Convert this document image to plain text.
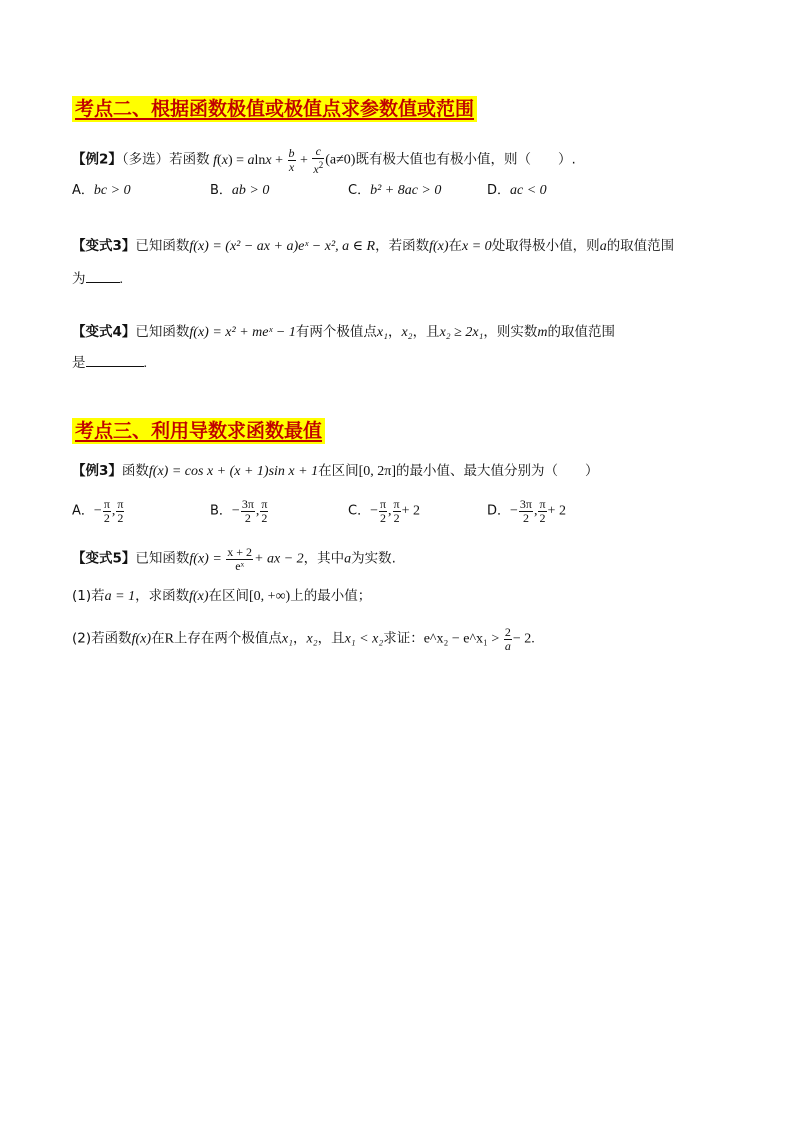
考点二、根据函数极值或极值点求参数值或范围
【例2】（多选）若函数 $f(x) = alnx + \frac{b}{x} + \frac{c}{x^2} (a\ne 0)$既有极大值也有极小值，则（　　）.
A．bc > 0	B．ab > 0	C．b² + 8ac > 0	D．ac < 0
【变式3】已知函数f(x) = (x² − ax + a)eˣ − x², a ∈ R，若函数f(x)在x = 0处取得极小值，则a的取值范围
为 .
【变式4】已知函数f(x) = x² + meˣ − 1有两个极值点x₁，x₂，且x₂ ≥ 2x₁，则实数m的取值范围
是	.
考点三、利用导数求函数最值
【例3】函数f(x) = cos x + (x + 1)sin x + 1在区间[0, 2π]的最小值、最大值分别为（　　）
A．− $\frac{\pi}{2}$ , $\frac{\pi}{2}$	B．− $\frac{3\pi}{2}$ , $\frac{\pi}{2}$	C．− $\frac{\pi}{2}$ , $\frac{\pi}{2} + 2$	D．− $\frac{3\pi}{2}$ , $\frac{\pi}{2} + 2$
【变式5】已知函数$f(x) = \frac{x + 2}{\text{eˣ}}$ + ax − 2，其中a为实数.
(1)若a = 1，求函数f(x)在区间[0, +∞)上的最小值；
(2)若函数f(x)在R上存在两个极值点x₁，x₂，且x₁ < x₂求证：e^x₂ − e^x₁ > $\frac{2}{a} - 2$.
